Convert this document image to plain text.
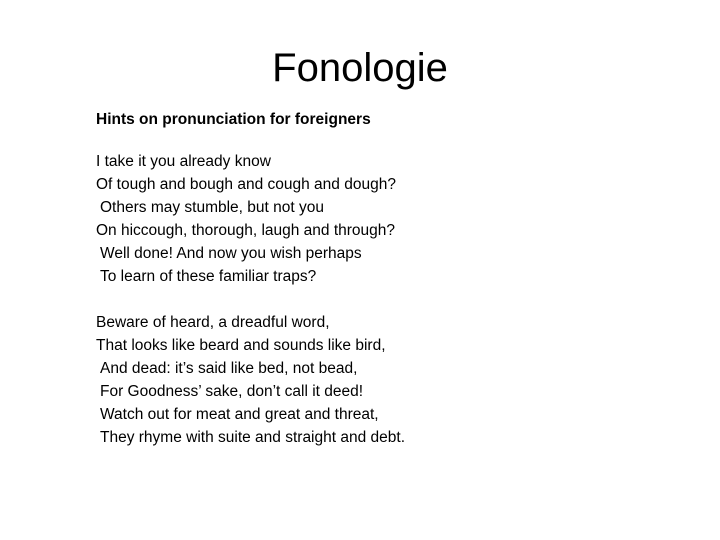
Fonologie
Hints on pronunciation for foreigners
I take it you already know
Of tough and bough and cough and dough?
Others may stumble, but not you
On hiccough, thorough, laugh and through?
Well done! And now you wish perhaps
To learn of these familiar traps?
Beware of heard, a dreadful word,
That looks like beard and sounds like bird,
And dead: it’s said like bed, not bead,
For Goodness’ sake, don’t call it deed!
Watch out for meat and great and threat,
They rhyme with suite and straight and debt.
